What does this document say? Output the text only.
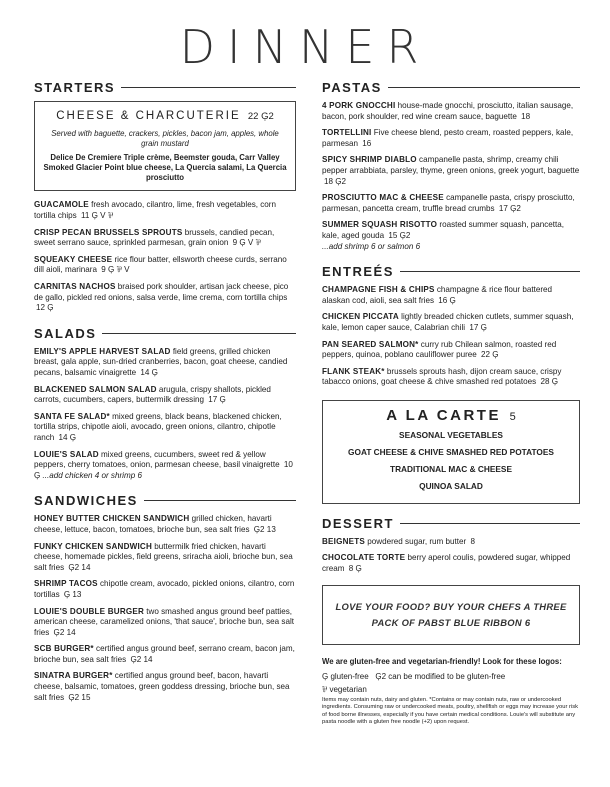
DINNER
STARTERS
CHEESE & CHARCUTERIE 22 Ģ2
Served with baguette, crackers, pickles, bacon jam, apples, whole grain mustard
Delice De Cremiere Triple crème, Beemster gouda, Carr Valley Smoked Glacier Point blue cheese, La Quercia salami, La Quercia prosciutto
GUACAMOLE fresh avocado, cilantro, lime, fresh vegetables, corn tortilla chips 11 Ģ V ⅌
CRISP PECAN BRUSSELS SPROUTS brussels, candied pecan, sweet serrano sauce, sprinkled parmesan, grain onion 9 Ģ V ⅌
SQUEAKY CHEESE rice flour batter, ellsworth cheese curds, serrano dill aioli, marinara 9 Ģ ⅌ V
CARNITAS NACHOS braised pork shoulder, artisan jack cheese, pico de gallo, pickled red onions, salsa verde, lime crema, corn tortilla chips 12 Ģ
SALADS
EMILY'S APPLE HARVEST SALAD field greens, grilled chicken breast, gala apple, sun-dried cranberries, bacon, goat cheese, candied pecans, balsamic vinaigrette 14 Ģ
BLACKENED SALMON SALAD arugula, crispy shallots, pickled carrots, cucumbers, capers, buttermilk dressing 17 Ģ
SANTA FE SALAD* mixed greens, black beans, blackened chicken, tortilla strips, chipotle aioli, avocado, green onions, cilantro, chipotle ranch 14 Ģ
LOUIE'S SALAD mixed greens, cucumbers, sweet red & yellow peppers, cherry tomatoes, onion, parmesan cheese, basil vinaigrette 10 Ģ ...add chicken 4 or shrimp 6
SANDWICHES
HONEY BUTTER CHICKEN SANDWICH grilled chicken, havarti cheese, lettuce, bacon, tomatoes, brioche bun, sea salt fries Ģ2 13
FUNKY CHICKEN SANDWICH buttermilk fried chicken, havarti cheese, homemade pickles, field greens, sriracha aioli, brioche bun, sea salt fries Ģ2 14
SHRIMP TACOS chipotle cream, avocado, pickled onions, cilantro, corn tortillas Ģ 13
LOUIE'S DOUBLE BURGER two smashed angus ground beef patties, american cheese, caramelized onions, 'that sauce', brioche bun, sea salt fries Ģ2 14
SCB BURGER* certified angus ground beef, serrano cream, bacon jam, brioche bun, sea salt fries Ģ2 14
SINATRA BURGER* certified angus ground beef, bacon, havarti cheese, balsamic, tomatoes, green goddess dressing, brioche bun, sea salt fries Ģ2 15
PASTAS
4 PORK GNOCCHI house-made gnocchi, prosciutto, italian sausage, bacon, pork shoulder, red wine cream sauce, baguette 18
TORTELLINI Five cheese blend, pesto cream, roasted peppers, kale, parmesan 16
SPICY SHRIMP DIABLO campanelle pasta, shrimp, creamy chili pepper arrabbiata, parsley, thyme, green onions, greek yogurt, baguette 18 Ģ2
PROSCIUTTO MAC & CHEESE campanelle pasta, crispy prosciutto, parmesan, pancetta cream, truffle bread crumbs 17 Ģ2
SUMMER SQUASH RISOTTO roasted summer squash, pancetta, kale, aged gouda 15 Ģ2
...add shrimp 6 or salmon 6
ENTREÉS
CHAMPAGNE FISH & CHIPS champagne & rice flour battered alaskan cod, aioli, sea salt fries 16 Ģ
CHICKEN PICCATA lightly breaded chicken cutlets, summer squash, kale, lemon caper sauce, Calabrian chili 17 Ģ
PAN SEARED SALMON* curry rub Chilean salmon, roasted red peppers, quinoa, poblano cauliflower puree 22 Ģ
FLANK STEAK* brussels sprouts hash, dijon cream sauce, crispy tabacco onions, goat cheese & chive smashed red potatoes 28 Ģ
A LA CARTE 5
SEASONAL VEGETABLES
GOAT CHEESE & CHIVE SMASHED RED POTATOES
TRADITIONAL MAC & CHEESE
QUINOA SALAD
DESSERT
BEIGNETS powdered sugar, rum butter 8
CHOCOLATE TORTE berry aperol coulis, powdered sugar, whipped cream 8 Ģ
LOVE YOUR FOOD? BUY YOUR CHEFS A THREE PACK OF PABST BLUE RIBBON 6
We are gluten-free and vegetarian-friendly! Look for these logos:
Ģ gluten-free Ģ2 can be modified to be gluten-free
⅌ vegetarian
Items may contain nuts, dairy and gluten. *Contains or may contain nuts, raw or undercooked ingredients. Consuming raw or undercooked meats, poultry, shellfish or eggs may increase your risk of food borne illnesses, especially if you have certain medical conditions. Louie's will substitute any pasta noodle with a gluten free noodle (+2) upon request.
